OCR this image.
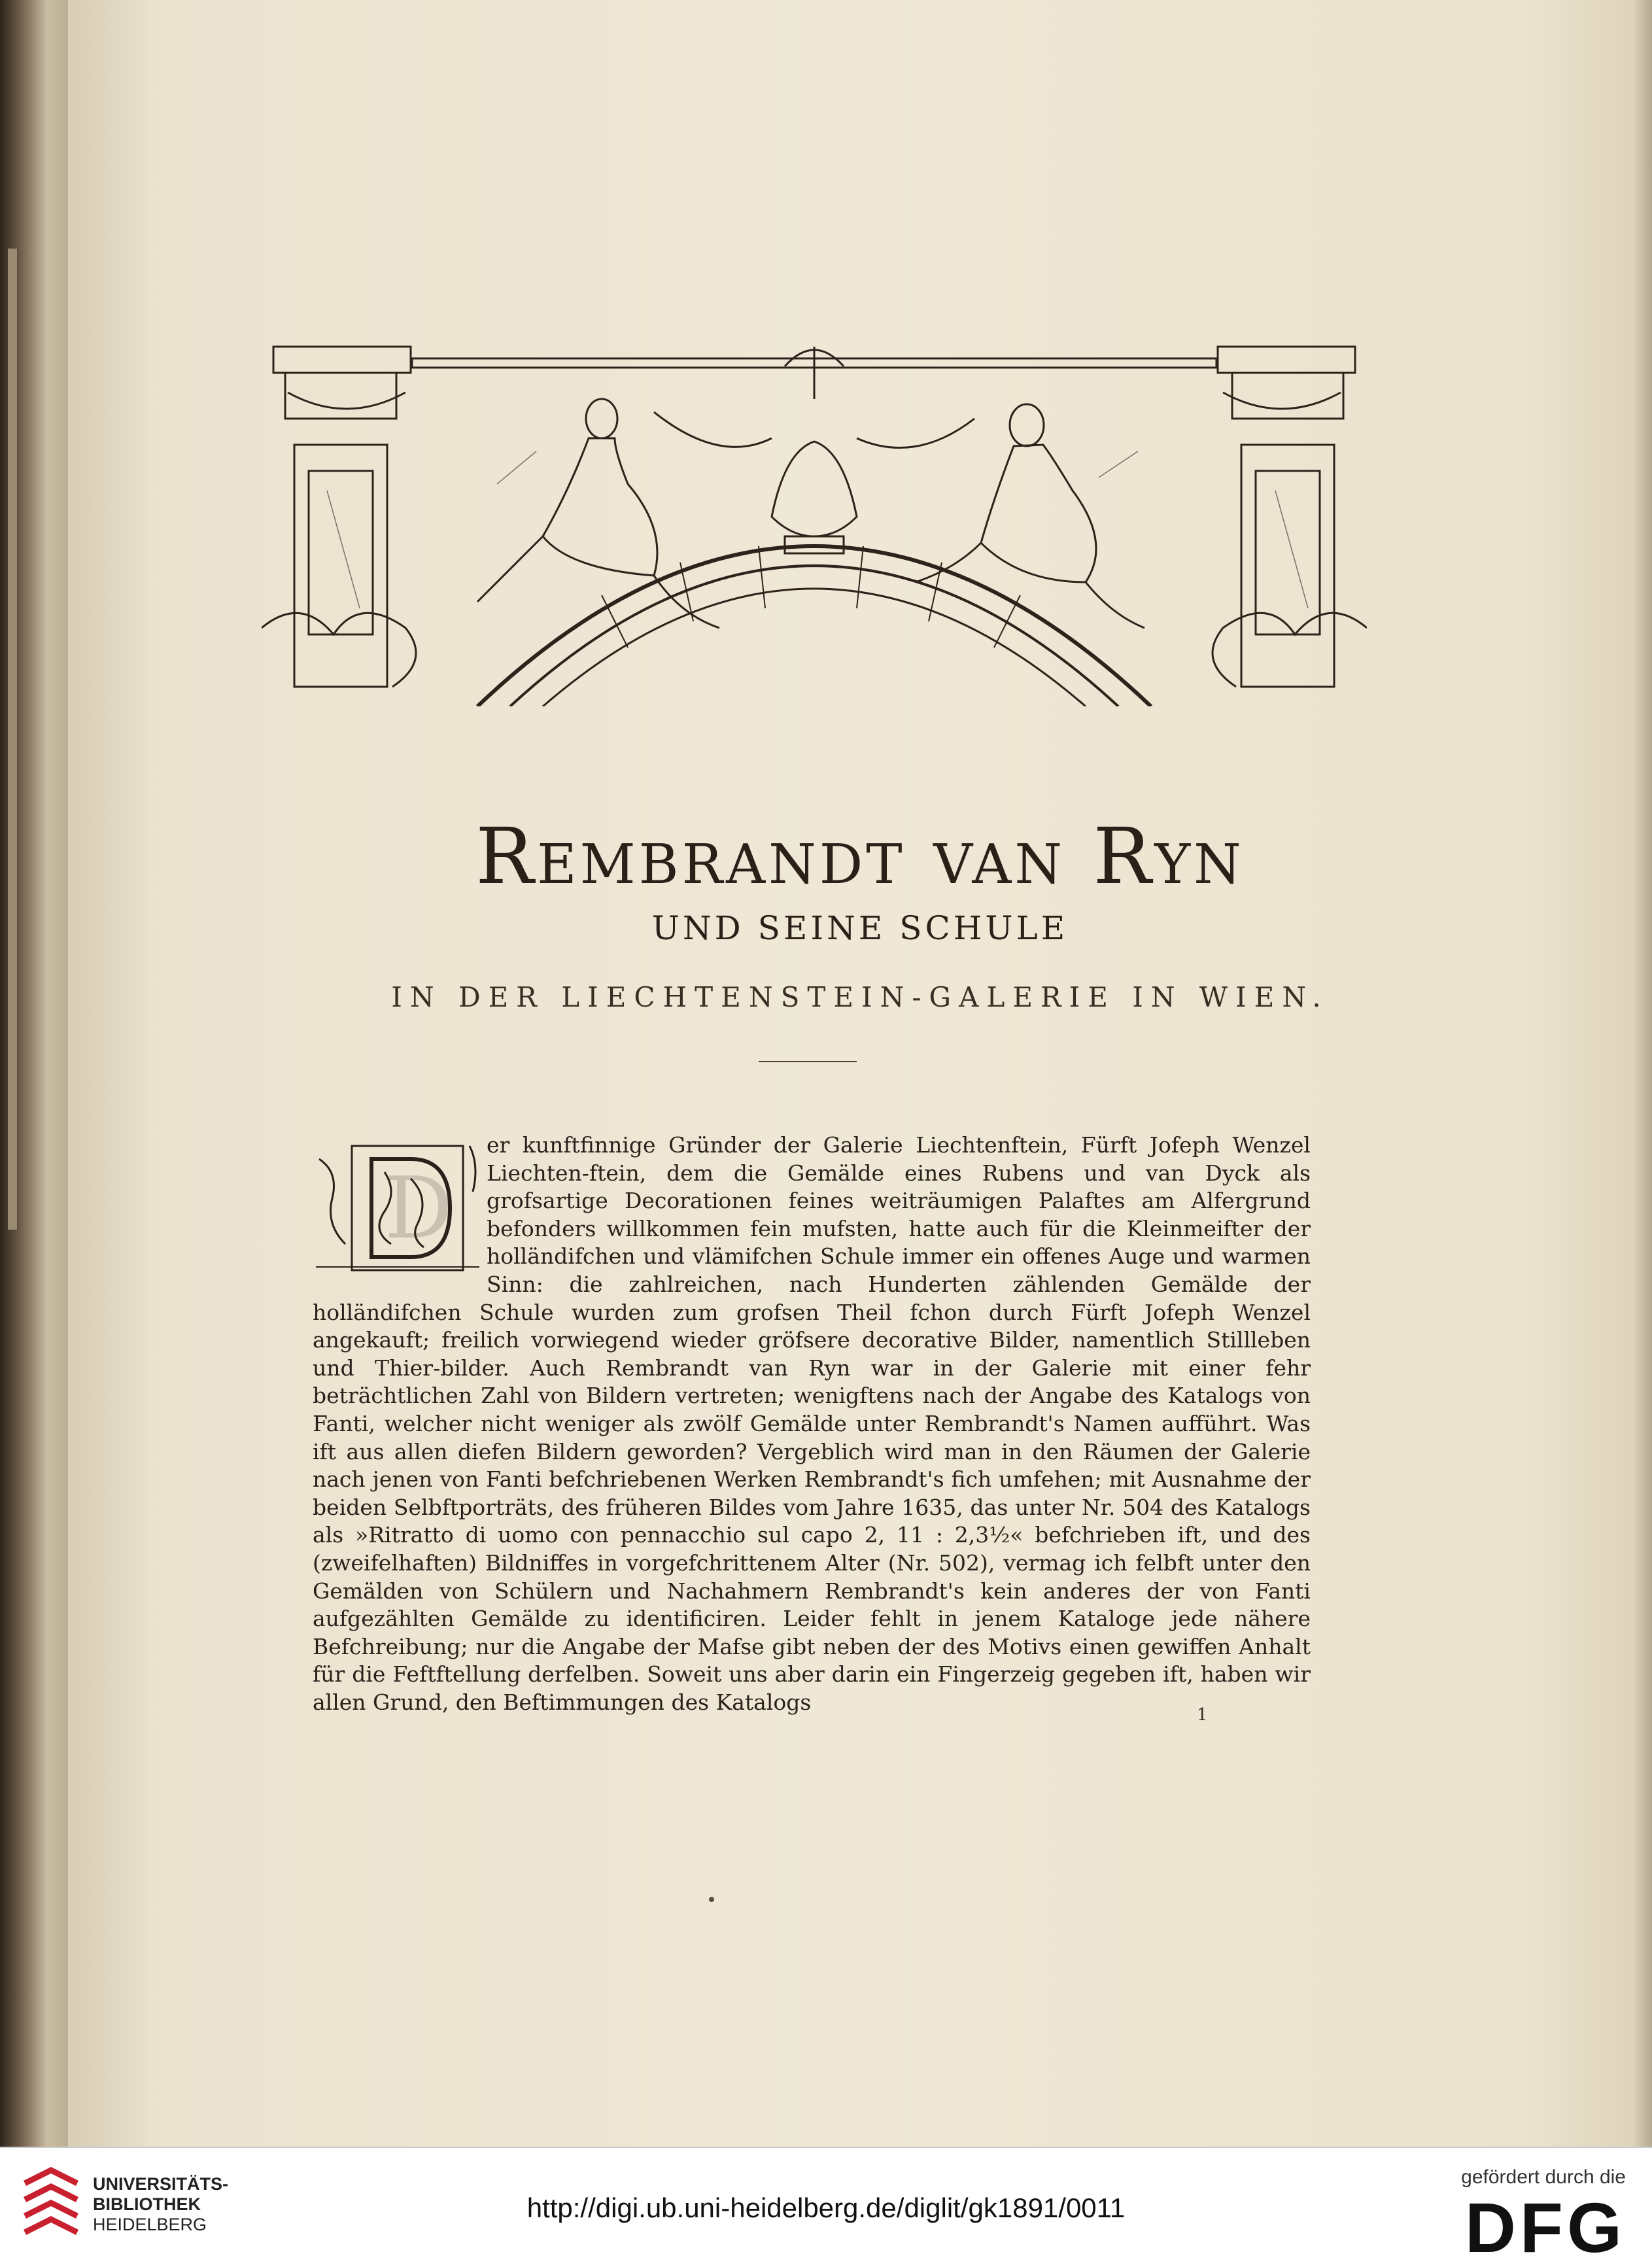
Rembrandt van Ryn
UND SEINE SCHULE
IN DER LIECHTENSTEIN-GALERIE IN WIEN.
D
er kunftfinnige Gründer der Galerie Liechtenftein, Fürft Jofeph Wenzel Liechten-ftein, dem die Gemälde eines Rubens und van Dyck als grofsartige Decorationen feines weiträumigen Palaftes am Alfergrund befonders willkommen fein mufsten, hatte auch für die Kleinmeifter der holländifchen und vlämifchen Schule immer ein offenes Auge und warmen Sinn: die zahlreichen, nach Hunderten zählenden Gemälde der holländifchen Schule wurden zum grofsen Theil fchon durch Fürft Jofeph Wenzel angekauft; freilich vorwiegend wieder gröfsere decorative Bilder, namentlich Stillleben und Thier-bilder. Auch Rembrandt van Ryn war in der Galerie mit einer fehr beträchtlichen Zahl von Bildern vertreten; wenigftens nach der Angabe des Katalogs von Fanti, welcher nicht weniger als zwölf Gemälde unter Rembrandt's Namen aufführt. Was ift aus allen diefen Bildern geworden? Vergeblich wird man in den Räumen der Galerie nach jenen von Fanti befchriebenen Werken Rembrandt's fich umfehen; mit Ausnahme der beiden Selbftporträts, des früheren Bildes vom Jahre 1635, das unter Nr. 504 des Katalogs als »Ritratto di uomo con pennacchio sul capo 2, 11 : 2,3½« befchrieben ift, und des (zweifelhaften) Bildniffes in vorgefchrittenem Alter (Nr. 502), vermag ich felbft unter den Gemälden von Schülern und Nachahmern Rembrandt's kein anderes der von Fanti aufgezählten Gemälde zu identificiren. Leider fehlt in jenem Kataloge jede nähere Befchreibung; nur die Angabe der Mafse gibt neben der des Motivs einen gewiffen Anhalt für die Feftftellung derfelben. Soweit uns aber darin ein Fingerzeig gegeben ift, haben wir allen Grund, den Beftimmungen des Katalogs
1
UNIVERSITÄTS-
BIBLIOTHEK
HEIDELBERG
http://digi.ub.uni-heidelberg.de/diglit/gk1891/0011
gefördert durch die
DFG
